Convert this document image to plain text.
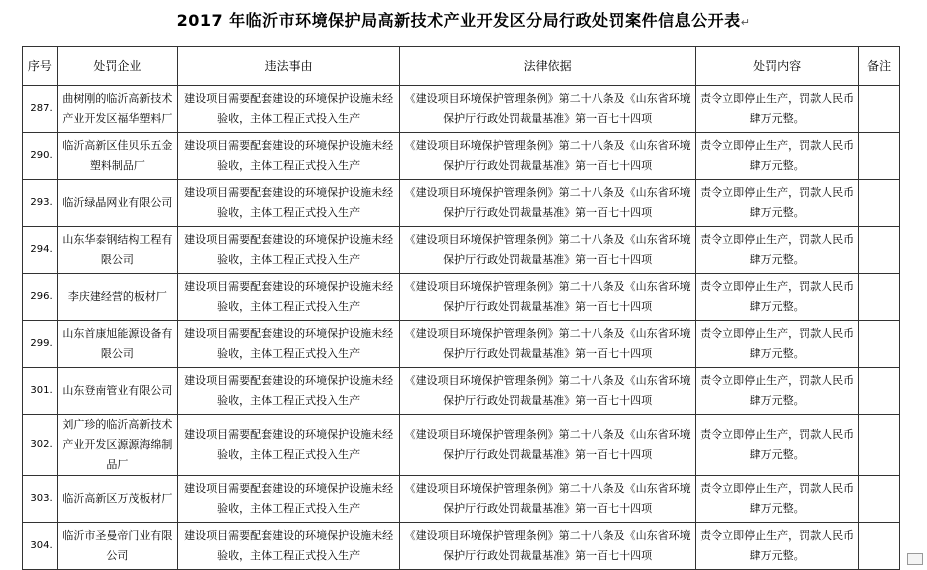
2017 年临沂市环境保护局高新技术产业开发区分局行政处罚案件信息公开表↵
序号	处罚企业	违法事由	法律依据	处罚内容	备注
287.	曲树刚的临沂高新技术产业开发区福华塑料厂	建设项目需要配套建设的环境保护设施未经验收，主体工程正式投入生产	《建设项目环境保护管理条例》第二十八条及《山东省环境保护厅行政处罚裁量基准》第一百七十四项	责令立即停止生产，罚款人民币肆万元整。	
290.	临沂高新区佳贝乐五金塑料制品厂	建设项目需要配套建设的环境保护设施未经验收，主体工程正式投入生产	《建设项目环境保护管理条例》第二十八条及《山东省环境保护厅行政处罚裁量基准》第一百七十四项	责令立即停止生产，罚款人民币肆万元整。	
293.	临沂绿晶网业有限公司	建设项目需要配套建设的环境保护设施未经验收，主体工程正式投入生产	《建设项目环境保护管理条例》第二十八条及《山东省环境保护厅行政处罚裁量基准》第一百七十四项	责令立即停止生产，罚款人民币肆万元整。	
294.	山东华泰钢结构工程有限公司	建设项目需要配套建设的环境保护设施未经验收，主体工程正式投入生产	《建设项目环境保护管理条例》第二十八条及《山东省环境保护厅行政处罚裁量基准》第一百七十四项	责令立即停止生产，罚款人民币肆万元整。	
296.	李庆建经营的板材厂	建设项目需要配套建设的环境保护设施未经验收，主体工程正式投入生产	《建设项目环境保护管理条例》第二十八条及《山东省环境保护厅行政处罚裁量基准》第一百七十四项	责令立即停止生产，罚款人民币肆万元整。	
299.	山东首康旭能源设备有限公司	建设项目需要配套建设的环境保护设施未经验收，主体工程正式投入生产	《建设项目环境保护管理条例》第二十八条及《山东省环境保护厅行政处罚裁量基准》第一百七十四项	责令立即停止生产，罚款人民币肆万元整。	
301.	山东登南管业有限公司	建设项目需要配套建设的环境保护设施未经验收，主体工程正式投入生产	《建设项目环境保护管理条例》第二十八条及《山东省环境保护厅行政处罚裁量基准》第一百七十四项	责令立即停止生产，罚款人民币肆万元整。	
302.	刘广珍的临沂高新技术产业开发区源源海绵制品厂	建设项目需要配套建设的环境保护设施未经验收，主体工程正式投入生产	《建设项目环境保护管理条例》第二十八条及《山东省环境保护厅行政处罚裁量基准》第一百七十四项	责令立即停止生产，罚款人民币肆万元整。	
303.	临沂高新区万茂板材厂	建设项目需要配套建设的环境保护设施未经验收，主体工程正式投入生产	《建设项目环境保护管理条例》第二十八条及《山东省环境保护厅行政处罚裁量基准》第一百七十四项	责令立即停止生产，罚款人民币肆万元整。	
304.	临沂市圣曼帝门业有限公司	建设项目需要配套建设的环境保护设施未经验收，主体工程正式投入生产	《建设项目环境保护管理条例》第二十八条及《山东省环境保护厅行政处罚裁量基准》第一百七十四项	责令立即停止生产，罚款人民币肆万元整。	
